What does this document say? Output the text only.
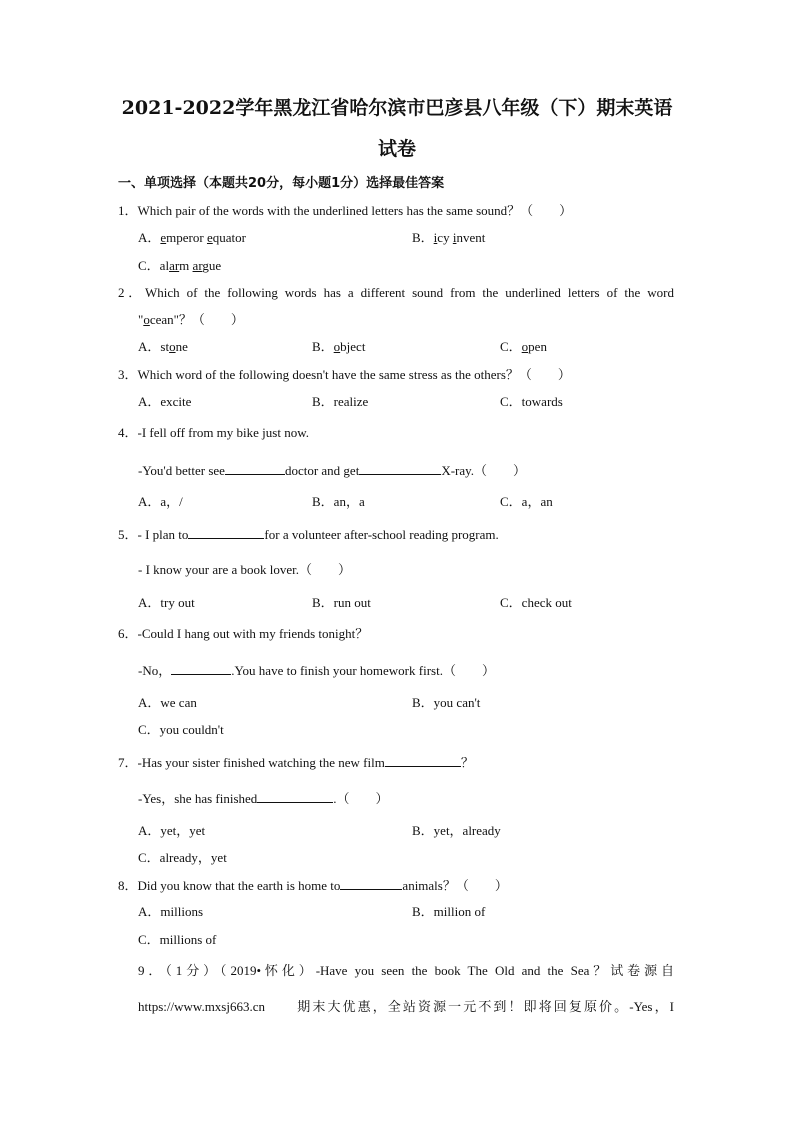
2021-2022学年黑龙江省哈尔滨市巴彦县八年级（下）期末英语
试卷
一、单项选择（本题共20分，每小题1分）选择最佳答案
1．Which pair of the words with the underlined letters has the same sound？（　　）
A．emperor equator	B．icy invent
C．alarm argue
2．Which of the following words has a different sound from the underlined letters of the word
"ocean"？（　　）
A．stone	B．object	C．open
3．Which word of the following doesn't have the same stress as the others？（　　）
A．excite	B．realize	C．towards
4．-I fell off from my bike just now.
-You'd better see	doctor and get	X-ray.（　　）
A．a，/	B．an，a	C．a，an
5．- I plan to	for a volunteer after-school reading program.
- I know your are a book lover.（　　）
A．try out	B．run out	C．check out
6．-Could I hang out with my friends tonight？
-No，	.You have to finish your homework first.（　　）
A．we can	B．you can't
C．you couldn't
7．-Has your sister finished watching the new film	？
-Yes，she has finished	.（　　）
A．yet，yet	B．yet，already
C．already，yet
8．Did you know that the earth is home to	animals？（　　）
A．millions	B．million of
C．millions of
9．（1分）（2019•怀化）-Have you seen the book The Old and the Sea？试卷源自
https://www.mxsj663.cn　　期末大优惠，全站资源一元不到！即将回复原价。-Yes，I
